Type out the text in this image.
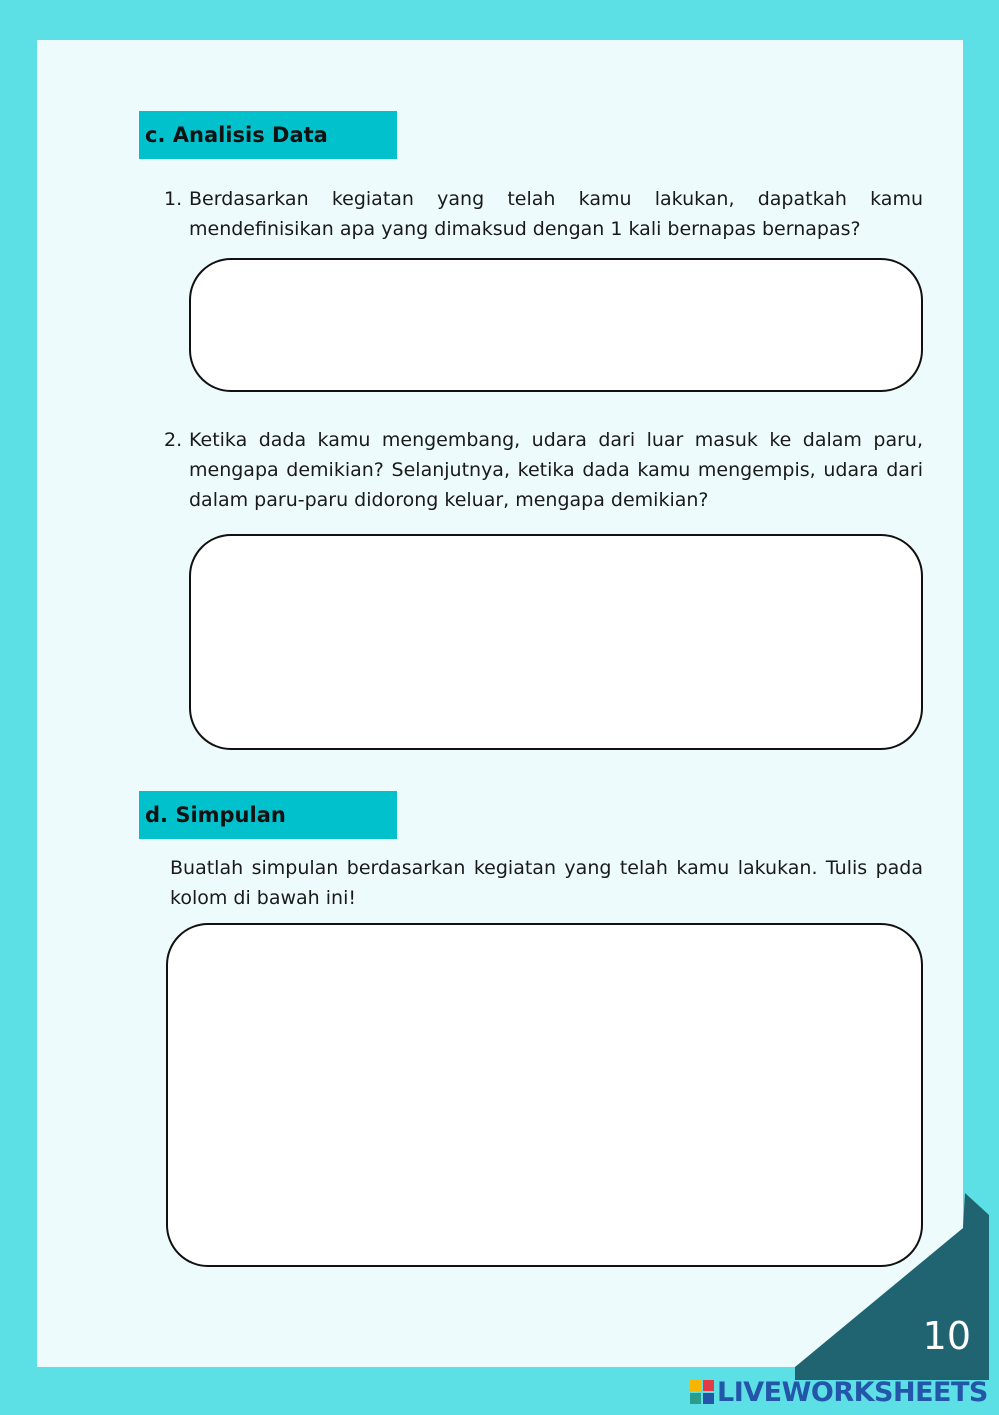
c. Analisis Data
1. Berdasarkan kegiatan yang telah kamu lakukan, dapatkah kamu mendefinisikan apa yang dimaksud dengan 1 kali bernapas bernapas?
2. Ketika dada kamu mengembang, udara dari luar masuk ke dalam paru, mengapa demikian? Selanjutnya, ketika dada kamu mengempis, udara dari dalam paru-paru didorong keluar, mengapa demikian?
d. Simpulan
Buatlah simpulan berdasarkan kegiatan yang telah kamu lakukan. Tulis pada kolom di bawah ini!
10
LIVEWORKSHEETS
